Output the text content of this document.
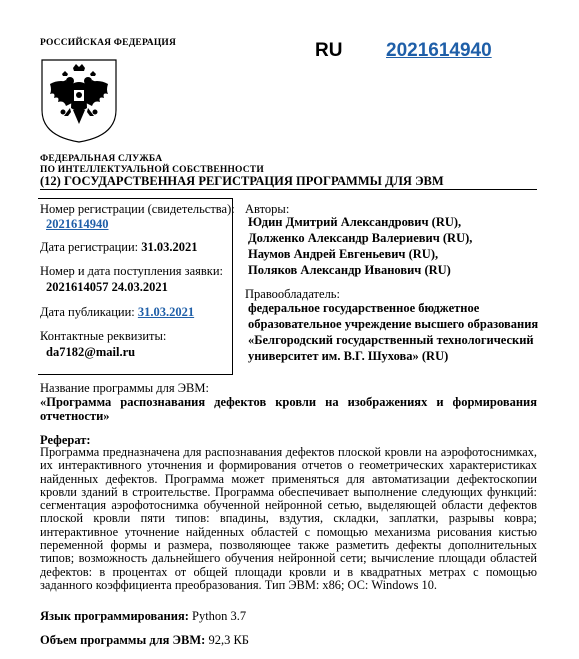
РОССИЙСКАЯ ФЕДЕРАЦИЯ	RU 2021614940
ФЕДЕРАЛЬНАЯ СЛУЖБА
ПО ИНТЕЛЛЕКТУАЛЬНОЙ СОБСТВЕННОСТИ
(12) ГОСУДАРСТВЕННАЯ РЕГИСТРАЦИЯ ПРОГРАММЫ ДЛЯ ЭВМ
Номер регистрации (свидетельства):
2021614940
Дата регистрации: 31.03.2021
Номер и дата поступления заявки:
2021614057 24.03.2021
Дата публикации: 31.03.2021
Контактные реквизиты:
da7182@mail.ru
Авторы:
Юдин Дмитрий Александрович (RU),
Долженко Александр Валериевич (RU),
Наумов Андрей Евгеньевич (RU),
Поляков Александр Иванович (RU)
Правообладатель:
федеральное государственное бюджетное
образовательное учреждение высшего образования
«Белгородский государственный технологический
университет им. В.Г. Шухова» (RU)
Название программы для ЭВМ:
«Программа распознавания дефектов кровли на изображениях и формирования
отчетности»
Реферат:
Программа предназначена для распознавания дефектов плоской кровли на аэрофотоснимках,
их интерактивного уточнения и формирования отчетов о геометрических характеристиках
найденных дефектов. Программа может применяться для автоматизации дефектоскопии
кровли зданий в строительстве. Программа обеспечивает выполнение следующих функций:
сегментация аэрофотоснимка обученной нейронной сетью, выделяющей области дефектов
плоской кровли пяти типов: впадины, вздутия, складки, заплатки, разрывы ковра;
интерактивное уточнение найденных областей с помощью механизма рисования кистью
переменной формы и размера, позволяющее также разметить дефекты дополнительных
типов; возможность дальнейшего обучения нейронной сети; вычисление площади областей
дефектов: в процентах от общей площади кровли и в квадратных метрах с помощью
заданного коэффициента преобразования. Тип ЭВМ: х86; ОС: Windows 10.
Язык программирования: Python 3.7
Объем программы для ЭВМ: 92,3 КБ
